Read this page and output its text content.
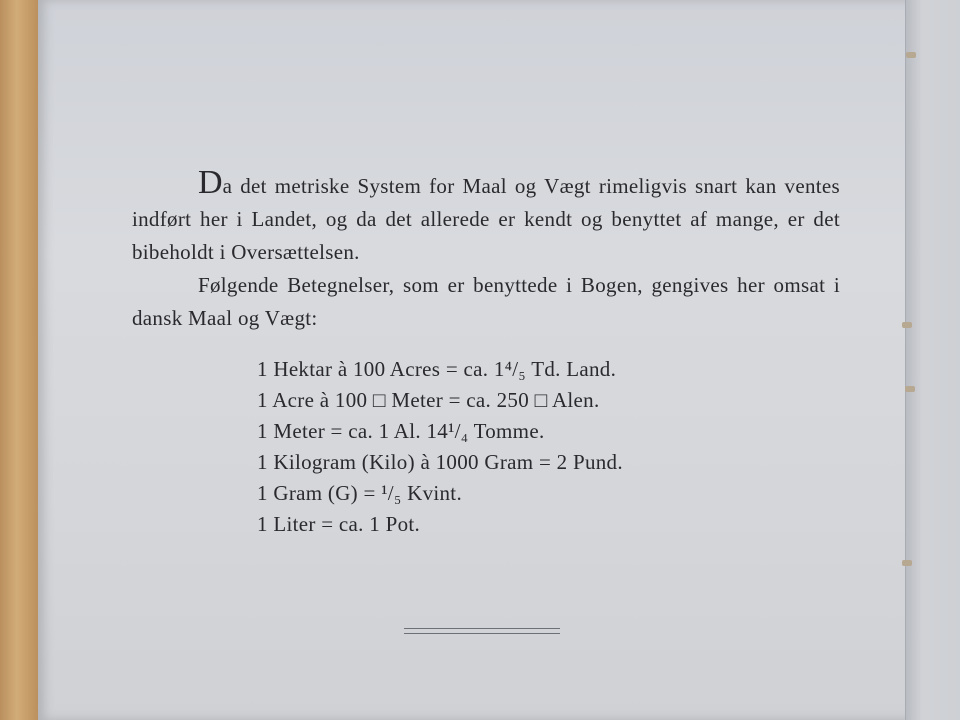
Da det metriske System for Maal og Vægt rimeligvis snart kan ventes indført her i Landet, og da det allerede er kendt og benyttet af mange, er det bibeholdt i Oversættelsen.

Følgende Betegnelser, som er benyttede i Bogen, gengives her omsat i dansk Maal og Vægt:

1 Hektar à 100 Acres = ca. 1⁴/₅ Td. Land.
1 Acre à 100 □ Meter = ca. 250 □ Alen.
1 Meter = ca. 1 Al. 14¹/₄ Tomme.
1 Kilogram (Kilo) à 1000 Gram = 2 Pund.
1 Gram (G) = ¹/₅ Kvint.
1 Liter = ca. 1 Pot.
